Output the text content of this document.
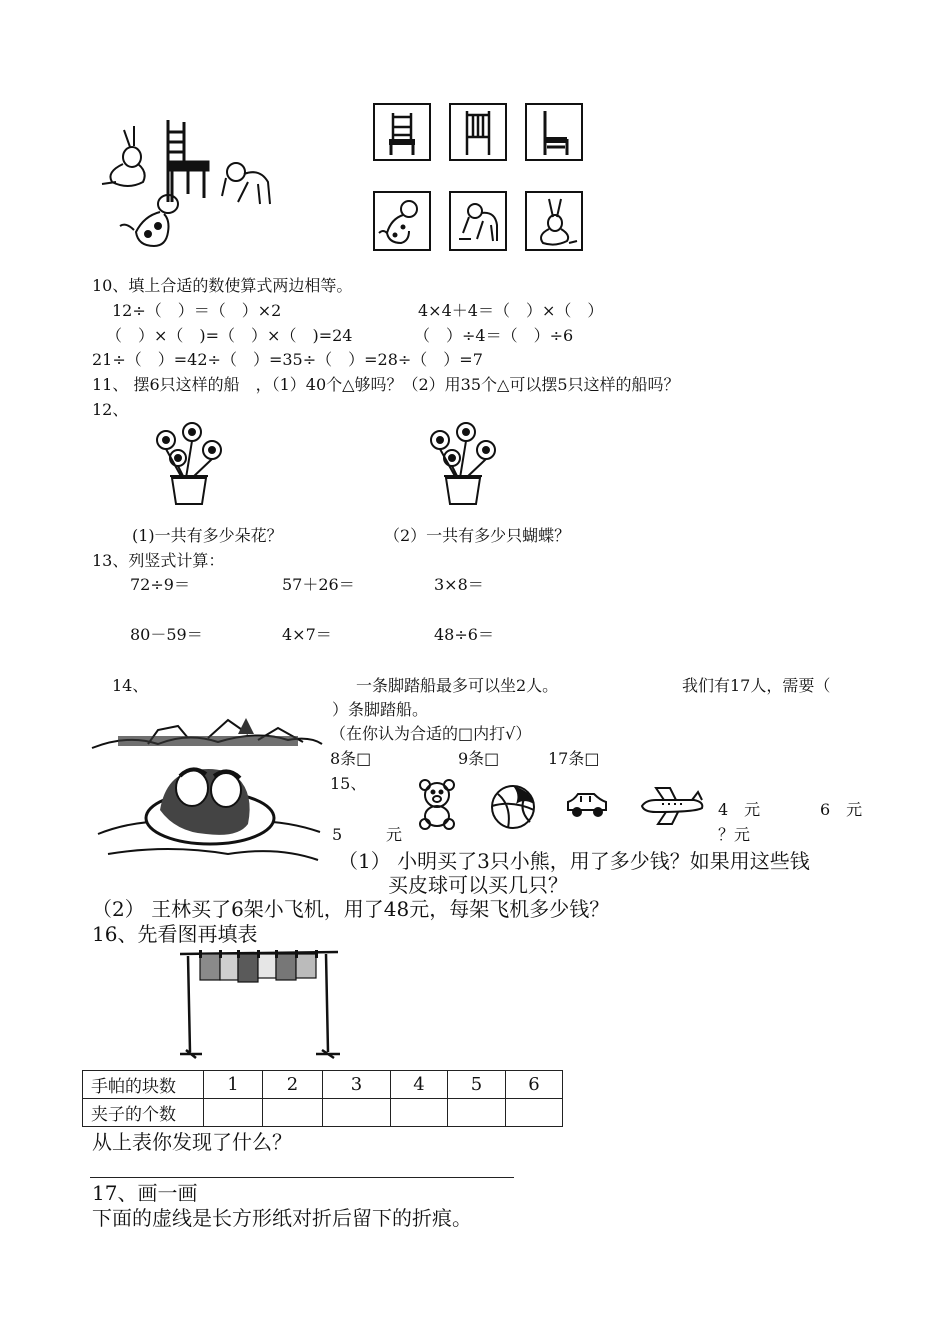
10、填上合适的数使算式两边相等。
12÷（　）＝（　）×2	4×4＋4＝（　）×（　）
（　）×（　)=（　）×（　)=24	（　）÷4＝（　）÷6
21÷（　）=42÷（　）=35÷（　）=28÷（　）=7
11、 摆6只这样的船　，（1）40个△够吗？（2）用35个△可以摆5只这样的船吗？
12、
(1)一共有多少朵花？	（2）一共有多少只蝴蝶？
13、列竖式计算：
72÷9＝	57＋26＝	3×8＝
80－59＝	4×7＝	48÷6＝
14、	一条脚踏船最多可以坐2人。	我们有17人，需要（
）条脚踏船。
（在你认为合适的□内打√）
8条□	9条□	17条□
15、
4　元	6　元
5	元	？元
（1） 小明买了3只小熊，用了多少钱？如果用这些钱
买皮球可以买几只？
（2） 王林买了6架小飞机，用了48元，每架飞机多少钱？
16、先看图再填表
手帕的块数	1	2	3	4	5	6
夹子的个数						
从上表你发现了什么？
17、画一画
下面的虚线是长方形纸对折后留下的折痕。
